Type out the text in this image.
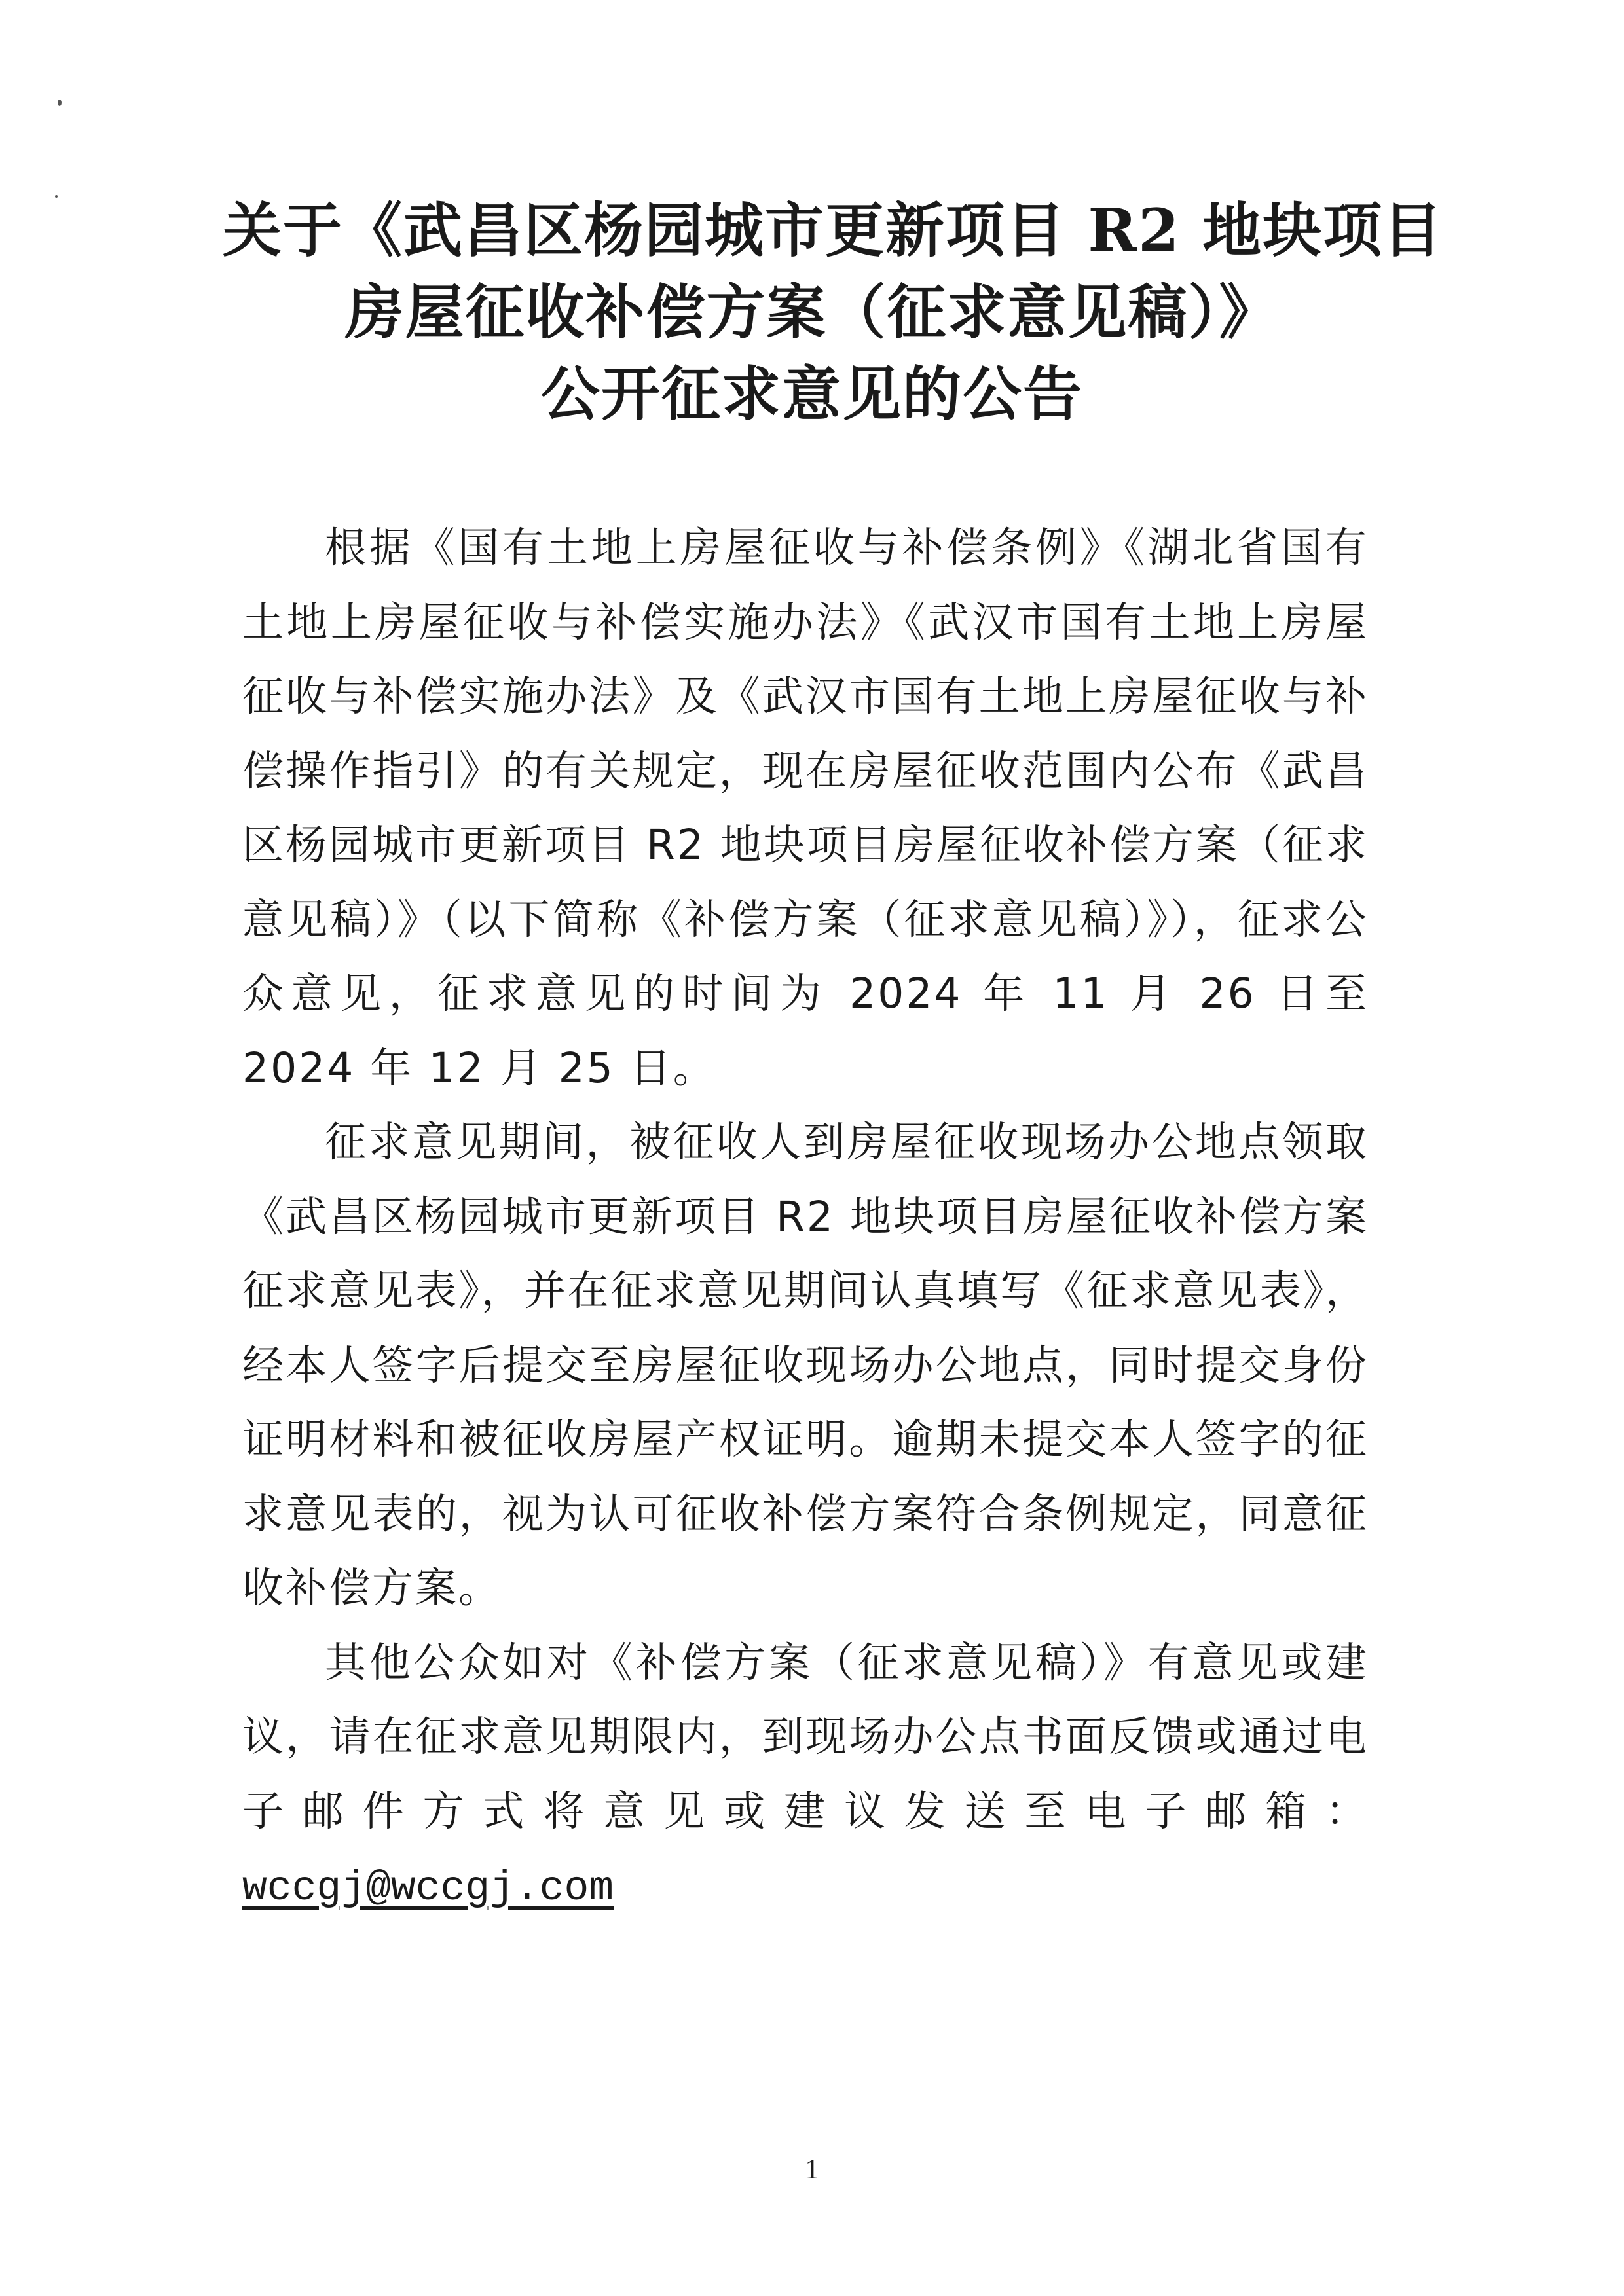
关于《武昌区杨园城市更新项目 R2 地块项目
房屋征收补偿方案（征求意见稿）》
公开征求意见的公告

根据《国有土地上房屋征收与补偿条例》《湖北省国有土地上房屋征收与补偿实施办法》《武汉市国有土地上房屋征收与补偿实施办法》及《武汉市国有土地上房屋征收与补偿操作指引》的有关规定，现在房屋征收范围内公布《武昌区杨园城市更新项目 R2 地块项目房屋征收补偿方案（征求意见稿）》（以下简称《补偿方案（征求意见稿）》），征求公众意见，征求意见的时间为 2024 年 11 月 26 日至 2024 年 12 月 25 日。

征求意见期间，被征收人到房屋征收现场办公地点领取《武昌区杨园城市更新项目 R2 地块项目房屋征收补偿方案征求意见表》，并在征求意见期间认真填写《征求意见表》，经本人签字后提交至房屋征收现场办公地点，同时提交身份证明材料和被征收房屋产权证明。逾期未提交本人签字的征求意见表的，视为认可征收补偿方案符合条例规定，同意征收补偿方案。

其他公众如对《补偿方案（征求意见稿）》有意见或建议，请在征求意见期限内，到现场办公点书面反馈或通过电子邮件方式将意见或建议发送至电子邮箱：wccgj@wccgj.com

1
